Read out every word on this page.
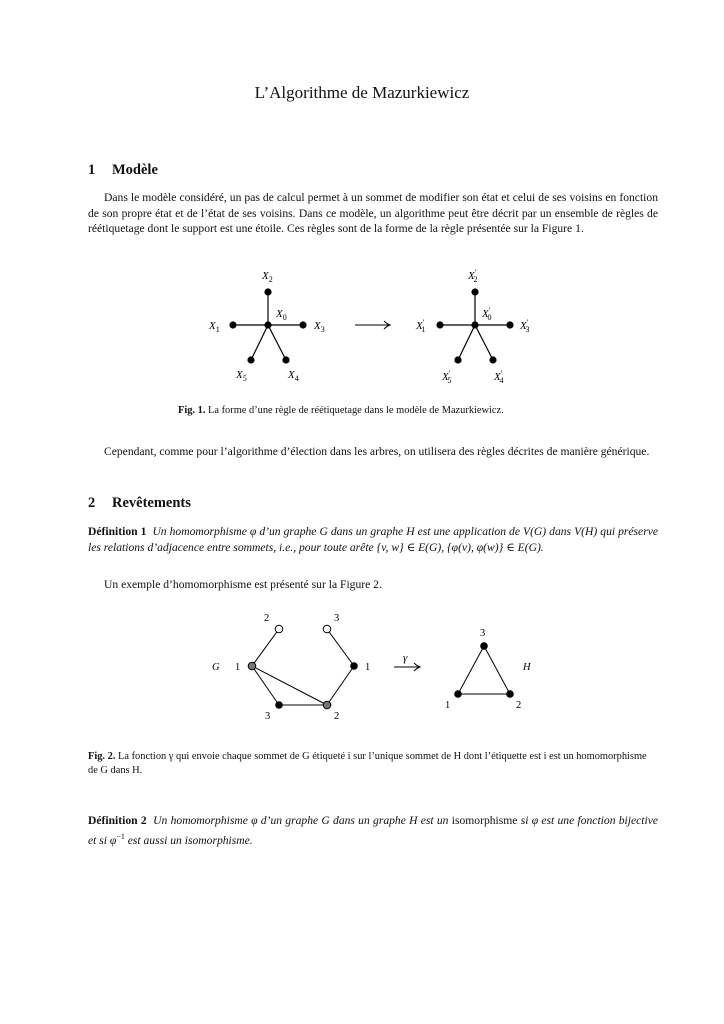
L’Algorithme de Mazurkiewicz
1 Modèle
Dans le modèle considéré, un pas de calcul permet à un sommet de modifier son état et celui de ses voisins en fonction de son propre état et de l’état de ses voisins. Dans ce modèle, un algorithme peut être décrit par un ensemble de règles de réétiquetage dont le support est une étoile. Ces règles sont de la forme de la règle présentée sur la Figure 1.
$X_2$
$X_0$
$X_1$	$X_3$
$X_5$	$X_4$
X′ 2
X′ 0
X′ 1	X′ 3
X′ 5	X′ 4
Fig. 1. La forme d’une règle de réétiquetage dans le modèle de Mazurkiewicz.
Cependant, comme pour l’algorithme d’élection dans les arbres, on utilisera des règles décrites de manière générique.
2 Revêtements
Définition 1 Un homomorphisme φ d’un graphe G dans un graphe H est une application de V(G) dans V(H) qui préserve les relations d’adjacence entre sommets, i.e., pour toute arête {v, w} ∈ E(G), {φ(v), φ(w)} ∈ E(G).
Un exemple d’homomorphisme est présenté sur la Figure 2.
2	3
1	1
3	2
G
γ
3
1	2
H
Fig. 2. La fonction γ qui envoie chaque sommet de G étiqueté i sur l’unique sommet de H dont l’étiquette est i est un homomorphisme de G dans H.
Définition 2 Un homomorphisme φ d’un graphe G dans un graphe H est un isomorphisme si φ est une fonction bijective et si $\varphi^{-1}$ est aussi un isomorphisme.
